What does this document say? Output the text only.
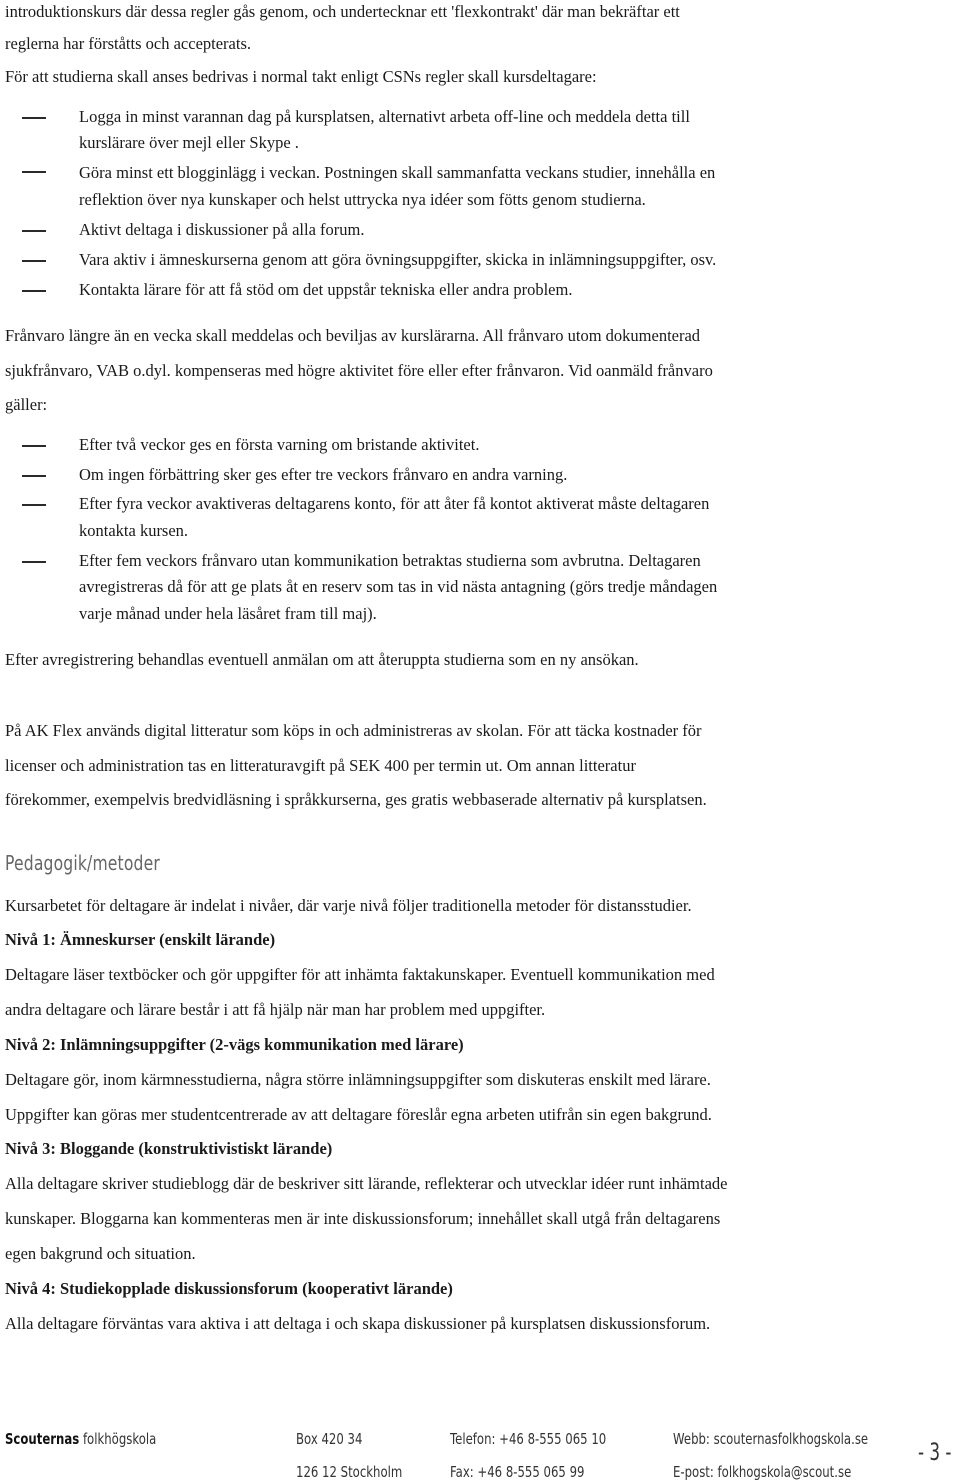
introduktionskurs där dessa regler gås genom, och undertecknar ett 'flexkontrakt' där man bekräftar ett
reglerna har förståtts och accepterats.
För att studierna skall anses bedrivas i normal takt enligt CSNs regler skall kursdeltagare:
Logga in minst varannan dag på kursplatsen, alternativt arbeta off-line och meddela detta till
kurslärare över mejl eller Skype .
Göra minst ett blogginlägg i veckan. Postningen skall sammanfatta veckans studier, innehålla en
reflektion över nya kunskaper och helst uttrycka nya idéer som fötts genom studierna.
Aktivt deltaga i diskussioner på alla forum.
Vara aktiv i ämneskurserna genom att göra övningsuppgifter, skicka in inlämningsuppgifter, osv.
Kontakta lärare för att få stöd om det uppstår tekniska eller andra problem.
Frånvaro längre än en vecka skall meddelas och beviljas av kurslärarna. All frånvaro utom dokumenterad
sjukfrånvaro, VAB o.dyl. kompenseras med högre aktivitet före eller efter frånvaron. Vid oanmäld frånvaro
gäller:
Efter två veckor ges en första varning om bristande aktivitet.
Om ingen förbättring sker ges efter tre veckors frånvaro en andra varning.
Efter fyra veckor avaktiveras deltagarens konto, för att åter få kontot aktiverat måste deltagaren
kontakta kursen.
Efter fem veckors frånvaro utan kommunikation betraktas studierna som avbrutna. Deltagaren
avregistreras då för att ge plats åt en reserv som tas in vid nästa antagning (görs tredje måndagen
varje månad under hela läsåret fram till maj).
Efter avregistrering behandlas eventuell anmälan om att återuppta studierna som en ny ansökan.
På AK Flex används digital litteratur som köps in och administreras av skolan. För att täcka kostnader för
licenser och administration tas en litteraturavgift på SEK 400 per termin ut. Om annan litteratur
förekommer, exempelvis bredvidläsning i språkkurserna, ges gratis webbaserade alternativ på kursplatsen.
Pedagogik/metoder
Kursarbetet för deltagare är indelat i nivåer, där varje nivå följer traditionella metoder för distansstudier.
Nivå 1: Ämneskurser (enskilt lärande)
Deltagare läser textböcker och gör uppgifter för att inhämta faktakunskaper. Eventuell kommunikation med
andra deltagare och lärare består i att få hjälp när man har problem med uppgifter.
Nivå 2: Inlämningsuppgifter (2-vägs kommunikation med lärare)
Deltagare gör, inom kärmnesstudierna, några större inlämningsuppgifter som diskuteras enskilt med lärare.
Uppgifter kan göras mer studentcentrerade av att deltagare föreslår egna arbeten utifrån sin egen bakgrund.
Nivå 3: Bloggande (konstruktivistiskt lärande)
Alla deltagare skriver studieblogg där de beskriver sitt lärande, reflekterar och utvecklar idéer runt inhämtade
kunskaper. Bloggarna kan kommenteras men är inte diskussionsforum; innehållet skall utgå från deltagarens
egen bakgrund och situation.
Nivå 4: Studiekopplade diskussionsforum (kooperativt lärande)
Alla deltagare förväntas vara aktiva i att deltaga i och skapa diskussioner på kursplatsen diskussionsforum.
Scouternas folkhögskola	Box 420 34
126 12 Stockholm
Telefon: +46 8-555 065 10
Fax: +46 8-555 065 99
Webb: scouternasfolkhogskola.se
E-post: folkhogskola@scout.se
- 3 -
